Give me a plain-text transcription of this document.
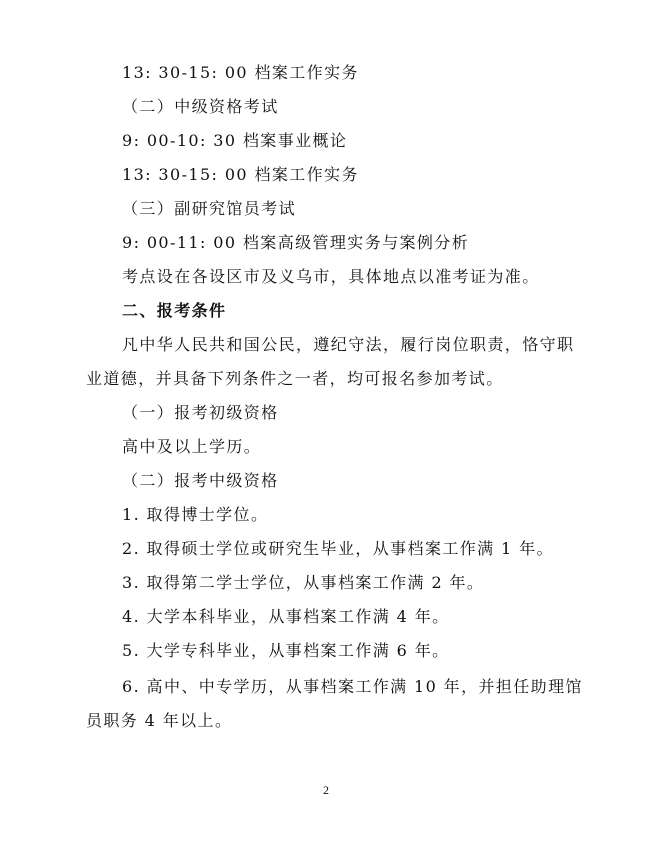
13: 30-15: 00 档案工作实务
（二）中级资格考试
9: 00-10: 30 档案事业概论
13: 30-15: 00 档案工作实务
（三）副研究馆员考试
9: 00-11: 00 档案高级管理实务与案例分析
考点设在各设区市及义乌市，具体地点以准考证为准。
二、报考条件
凡中华人民共和国公民，遵纪守法，履行岗位职责，恪守职
业道德，并具备下列条件之一者，均可报名参加考试。
（一）报考初级资格
高中及以上学历。
（二）报考中级资格
1. 取得博士学位。
2. 取得硕士学位或研究生毕业，从事档案工作满 1 年。
3. 取得第二学士学位，从事档案工作满 2 年。
4. 大学本科毕业，从事档案工作满 4 年。
5. 大学专科毕业，从事档案工作满 6 年。
6. 高中、中专学历，从事档案工作满 10 年，并担任助理馆
员职务 4 年以上。
2
